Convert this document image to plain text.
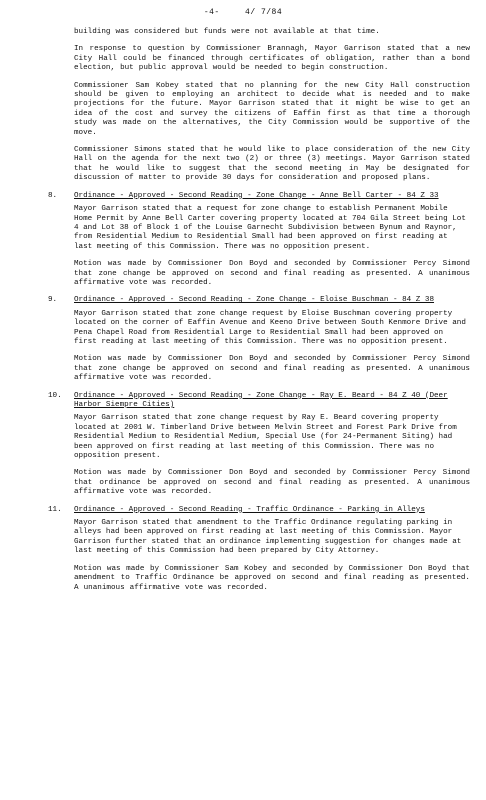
-4-	4/ 7/84

building was considered but funds were not available at that time.

In response to question by Commissioner Brannagh, Mayor Garrison stated that a new City Hall could be financed through certificates of obligation, rather than a bond election, but public approval would be needed to begin construction.

Commissioner Sam Kobey stated that no planning for the new City Hall construction should be given to employing an architect to decide what is needed and to make projections for the future. Mayor Garrison stated that it might be wise to get an idea of the cost and survey the citizens of Eaffin first as that time a thorough study was made on the alternatives, the City Commission would be supportive of the move.

Commissioner Simons stated that he would like to place consideration of the new City Hall on the agenda for the next two (2) or three (3) meetings. Mayor Garrison stated that he would like to suggest that the second meeting in May be designated for discussion of matter to provide 30 days for consideration and proposed plans.

8. Ordinance - Approved - Second Reading - Zone Change - Anne Bell Carter - 84 Z 33
Mayor Garrison stated that a request for zone change to establish Permanent Mobile Home Permit by Anne Bell Carter covering property located at 704 Gila Street being Lot 4 and Lot 38 of Block 1 of the Louise Garnecht Subdivision between Bynum and Raynor, from Residential Medium to Residential Small had been approved on first reading at last meeting of this Commission. There was no opposition present.

Motion was made by Commissioner Don Boyd and seconded by Commissioner Percy Simond that zone change be approved on second and final reading as presented. A unanimous affirmative vote was recorded.

9. Ordinance - Approved - Second Reading - Zone Change - Eloise Buschman - 84 Z 38
Mayor Garrison stated that zone change request by Eloise Buschman covering property located on the corner of Eaffin Avenue and Keeno Drive between South Kenmore Drive and Pena Chapel Road from Residential Large to Residential Small had been approved on first reading at last meeting of this Commission. There was no opposition present.

Motion was made by Commissioner Don Boyd and seconded by Commissioner Percy Simond that zone change be approved on second and final reading as presented. A unanimous affirmative vote was recorded.

10. Ordinance - Approved - Second Reading - Zone Change - Ray E. Beard - 84 Z 40 (Deer Harbor Siempre Cities)
Mayor Garrison stated that zone change request by Ray E. Beard covering property located at 2001 W. Timberland Drive between Melvin Street and Forest Park Drive from Residential Medium to Residential Medium, Special Use (for 24-Permanent Siting) had been approved on first reading at last meeting of this Commission. There was no opposition present.

Motion was made by Commissioner Don Boyd and seconded by Commissioner Percy Simond that ordinance be approved on second and final reading as presented. A unanimous affirmative vote was recorded.

11. Ordinance - Approved - Second Reading - Traffic Ordinance - Parking in Alleys
Mayor Garrison stated that amendment to the Traffic Ordinance regulating parking in alleys had been approved on first reading at last meeting of this Commission. Mayor Garrison further stated that an ordinance implementing suggestion for changes made at last meeting of this Commission had been prepared by City Attorney.

Motion was made by Commissioner Sam Kobey and seconded by Commissioner Don Boyd that amendment to Traffic Ordinance be approved on second and final reading as presented. A unanimous affirmative vote was recorded.
